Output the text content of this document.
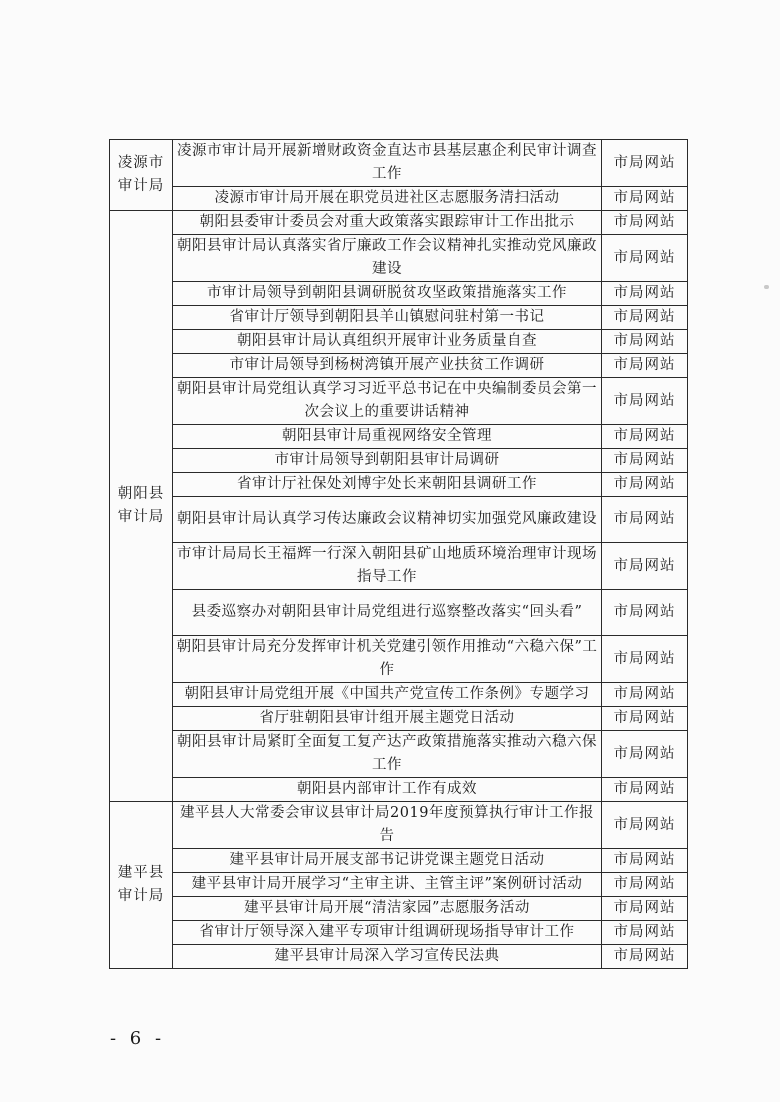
凌源市审计局	凌源市审计局开展新增财政资金直达市县基层惠企利民审计调查工作	市局网站
	凌源市审计局开展在职党员进社区志愿服务清扫活动	市局网站
朝阳县审计局	朝阳县委审计委员会对重大政策落实跟踪审计工作出批示	市局网站
	朝阳县审计局认真落实省厅廉政工作会议精神扎实推动党风廉政建设	市局网站
	市审计局领导到朝阳县调研脱贫攻坚政策措施落实工作	市局网站
	省审计厅领导到朝阳县羊山镇慰问驻村第一书记	市局网站
	朝阳县审计局认真组织开展审计业务质量自查	市局网站
	市审计局领导到杨树湾镇开展产业扶贫工作调研	市局网站
	朝阳县审计局党组认真学习习近平总书记在中央编制委员会第一次会议上的重要讲话精神	市局网站
	朝阳县审计局重视网络安全管理	市局网站
	市审计局领导到朝阳县审计局调研	市局网站
	省审计厅社保处刘博宇处长来朝阳县调研工作	市局网站
	朝阳县审计局认真学习传达廉政会议精神切实加强党风廉政建设	市局网站
	市审计局局长王福辉一行深入朝阳县矿山地质环境治理审计现场指导工作	市局网站
	县委巡察办对朝阳县审计局党组进行巡察整改落实“回头看”	市局网站
	朝阳县审计局充分发挥审计机关党建引领作用推动“六稳六保”工作	市局网站
	朝阳县审计局党组开展《中国共产党宣传工作条例》专题学习	市局网站
	省厅驻朝阳县审计组开展主题党日活动	市局网站
	朝阳县审计局紧盯全面复工复产达产政策措施落实推动六稳六保工作	市局网站
	朝阳县内部审计工作有成效	市局网站
建平县审计局	建平县人大常委会审议县审计局2019年度预算执行审计工作报告	市局网站
	建平县审计局开展支部书记讲党课主题党日活动	市局网站
	建平县审计局开展学习“主审主讲、主管主评”案例研讨活动	市局网站
	建平县审计局开展“清洁家园”志愿服务活动	市局网站
	省审计厅领导深入建平专项审计组调研现场指导审计工作	市局网站
	建平县审计局深入学习宣传民法典	市局网站
- 6 -
